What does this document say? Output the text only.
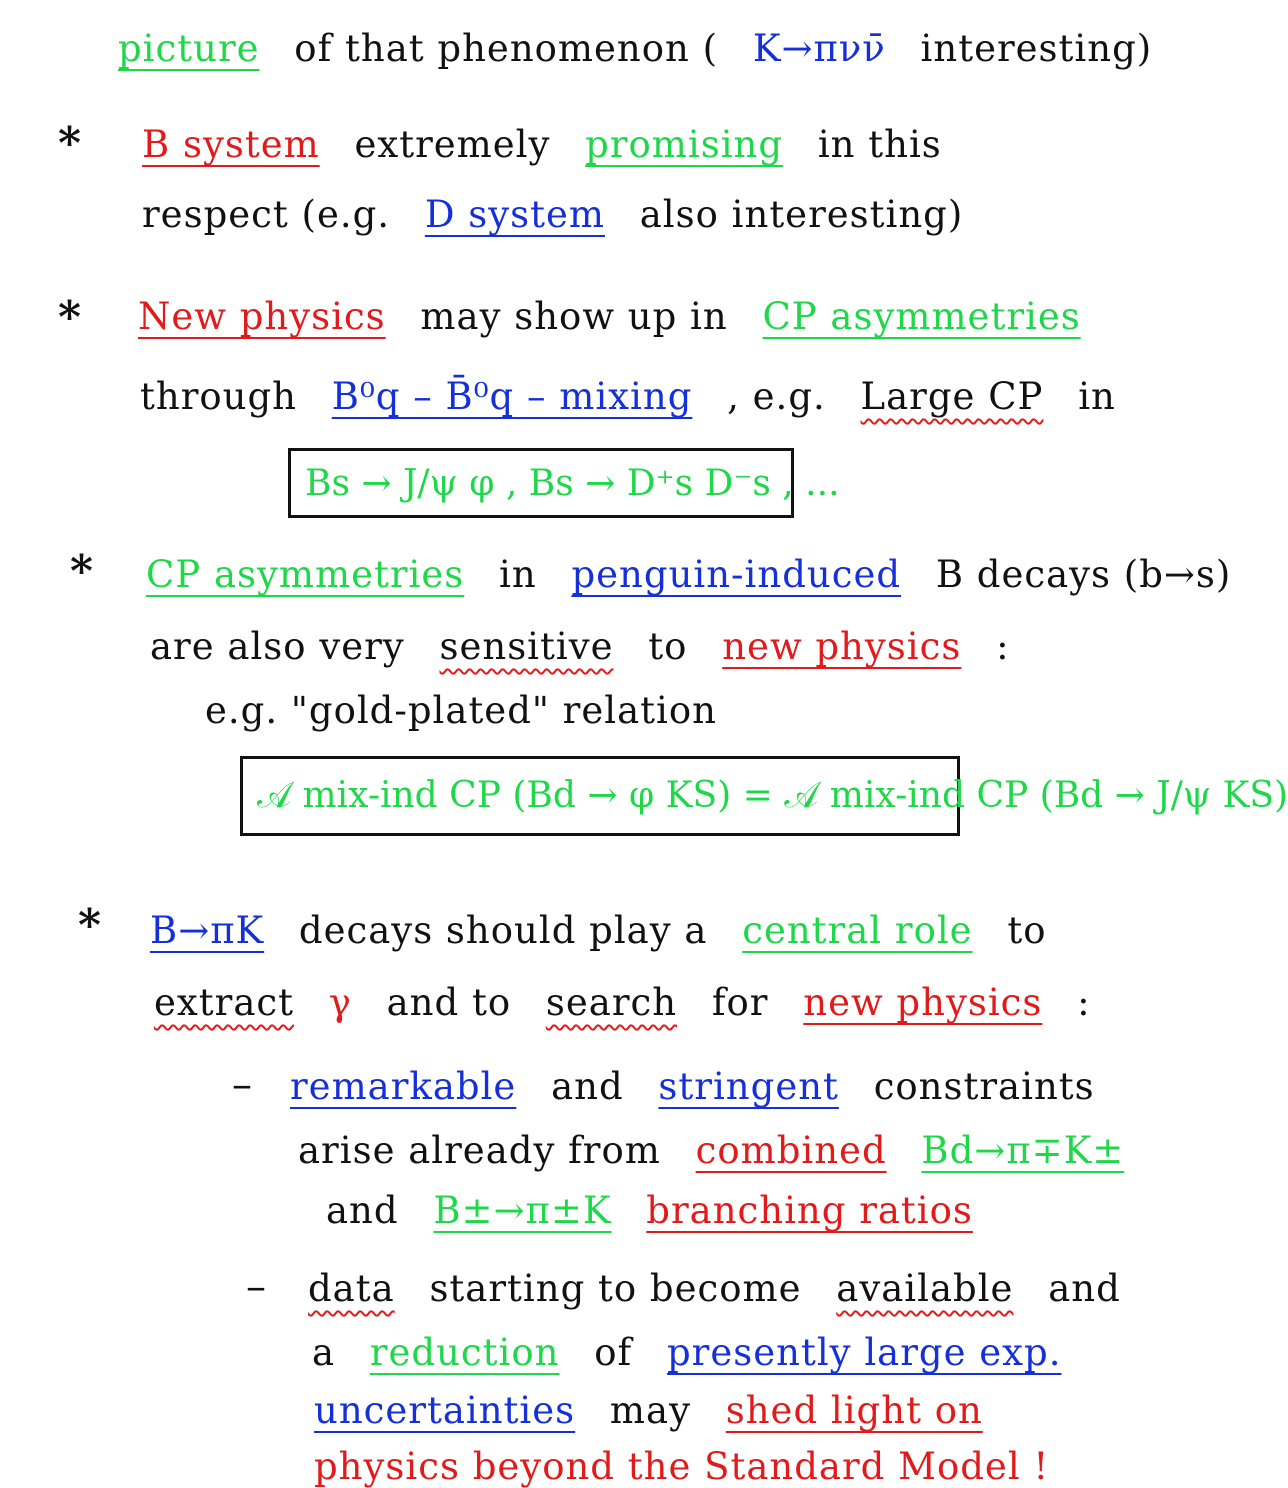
picture of that phenomenon ( K→πνν̄ interesting)
* B system extremely promising in this
respect (e.g. D system also interesting)
* New physics may show up in CP asymmetries
through B⁰q – B̄⁰q – mixing , e.g. Large CP in
Bs → J/ψ φ , Bs → D⁺s D⁻s , ...
* CP asymmetries in penguin-induced B decays (b→s)
are also very sensitive to new physics :
e.g. "gold-plated" relation
𝒜 mix-ind CP (Bd → φ KS) = 𝒜 mix-ind CP (Bd → J/ψ KS)
* B→πK decays should play a central role to
extract γ and to search for new physics :
– remarkable and stringent constraints
arise already from combined Bd→π∓K±
and B±→π±K branching ratios
– data starting to become available and
a reduction of presently large exp.
uncertainties may shed light on
physics beyond the Standard Model !
